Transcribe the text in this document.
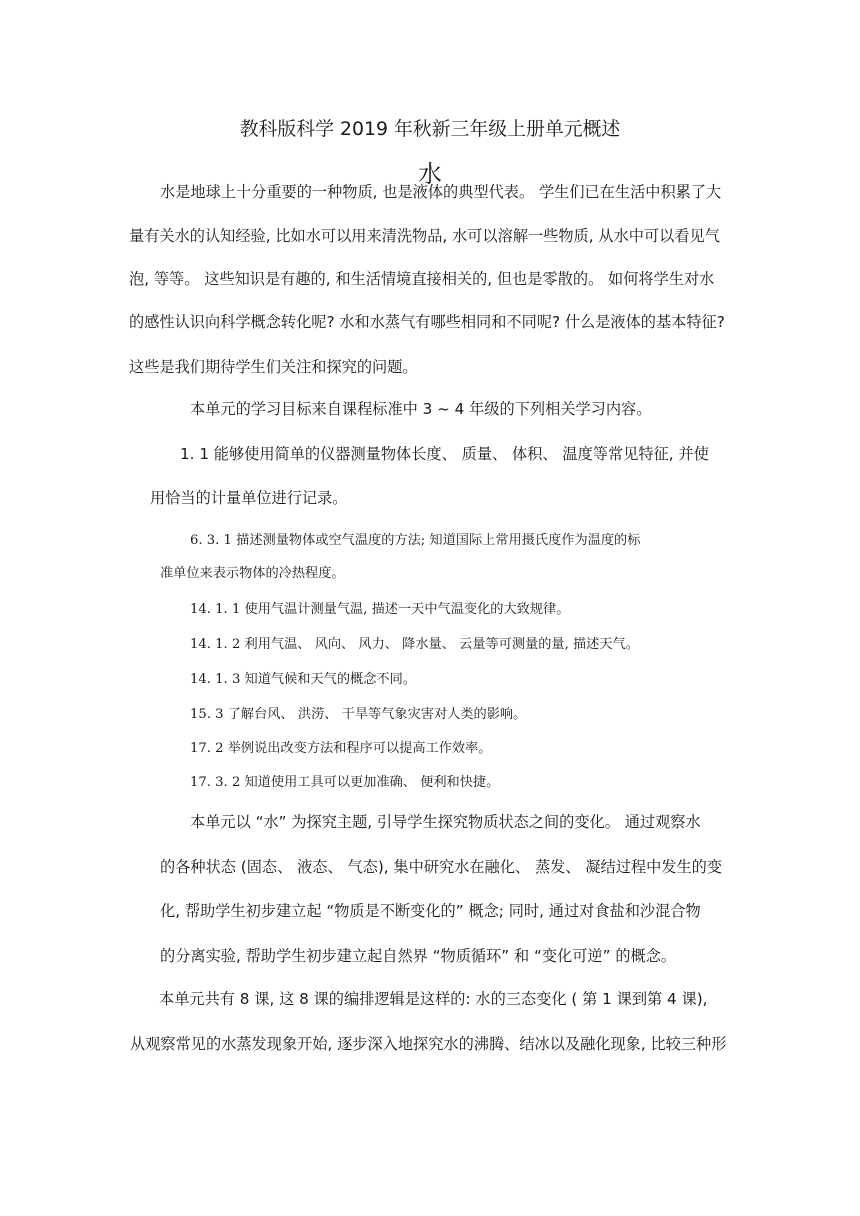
教科版科学 2019 年秋新三年级上册单元概述
水
水是地球上十分重要的一种物质, 也是液体的典型代表。 学生们已在生活中积累了大
量有关水的认知经验, 比如水可以用来清洗物品, 水可以溶解一些物质, 从水中可以看见气
泡, 等等。 这些知识是有趣的, 和生活情境直接相关的, 但也是零散的。 如何将学生对水
的感性认识向科学概念转化呢? 水和水蒸气有哪些相同和不同呢? 什么是液体的基本特征?
这些是我们期待学生们关注和探究的问题。
本单元的学习目标来自课程标准中 3 ~ 4 年级的下列相关学习内容。
1. 1 能够使用简单的仪器测量物体长度、 质量、 体积、 温度等常见特征, 并使
用恰当的计量单位进行记录。
6. 3. 1 描述测量物体或空气温度的方法; 知道国际上常用摄氏度作为温度的标
准单位来表示物体的冷热程度。
14. 1. 1 使用气温计测量气温, 描述一天中气温变化的大致规律。
14. 1. 2 利用气温、 风向、 风力、 降水量、 云量等可测量的量, 描述天气。
14. 1. 3 知道气候和天气的概念不同。
15. 3 了解台风、 洪涝、 干旱等气象灾害对人类的影响。
17. 2 举例说出改变方法和程序可以提高工作效率。
17. 3. 2 知道使用工具可以更加准确、 便利和快捷。
本单元以 “水” 为探究主题, 引导学生探究物质状态之间的变化。 通过观察水
的各种状态 (固态、 液态、 气态), 集中研究水在融化、 蒸发、 凝结过程中发生的变
化, 帮助学生初步建立起 “物质是不断变化的” 概念; 同时, 通过对食盐和沙混合物
的分离实验, 帮助学生初步建立起自然界 “物质循环” 和 “变化可逆” 的概念。
本单元共有 8 课, 这 8 课的编排逻辑是这样的: 水的三态变化 ( 第 1 课到第 4 课),
从观察常见的水蒸发现象开始, 逐步深入地探究水的沸腾、结冰以及融化现象, 比较三种形
